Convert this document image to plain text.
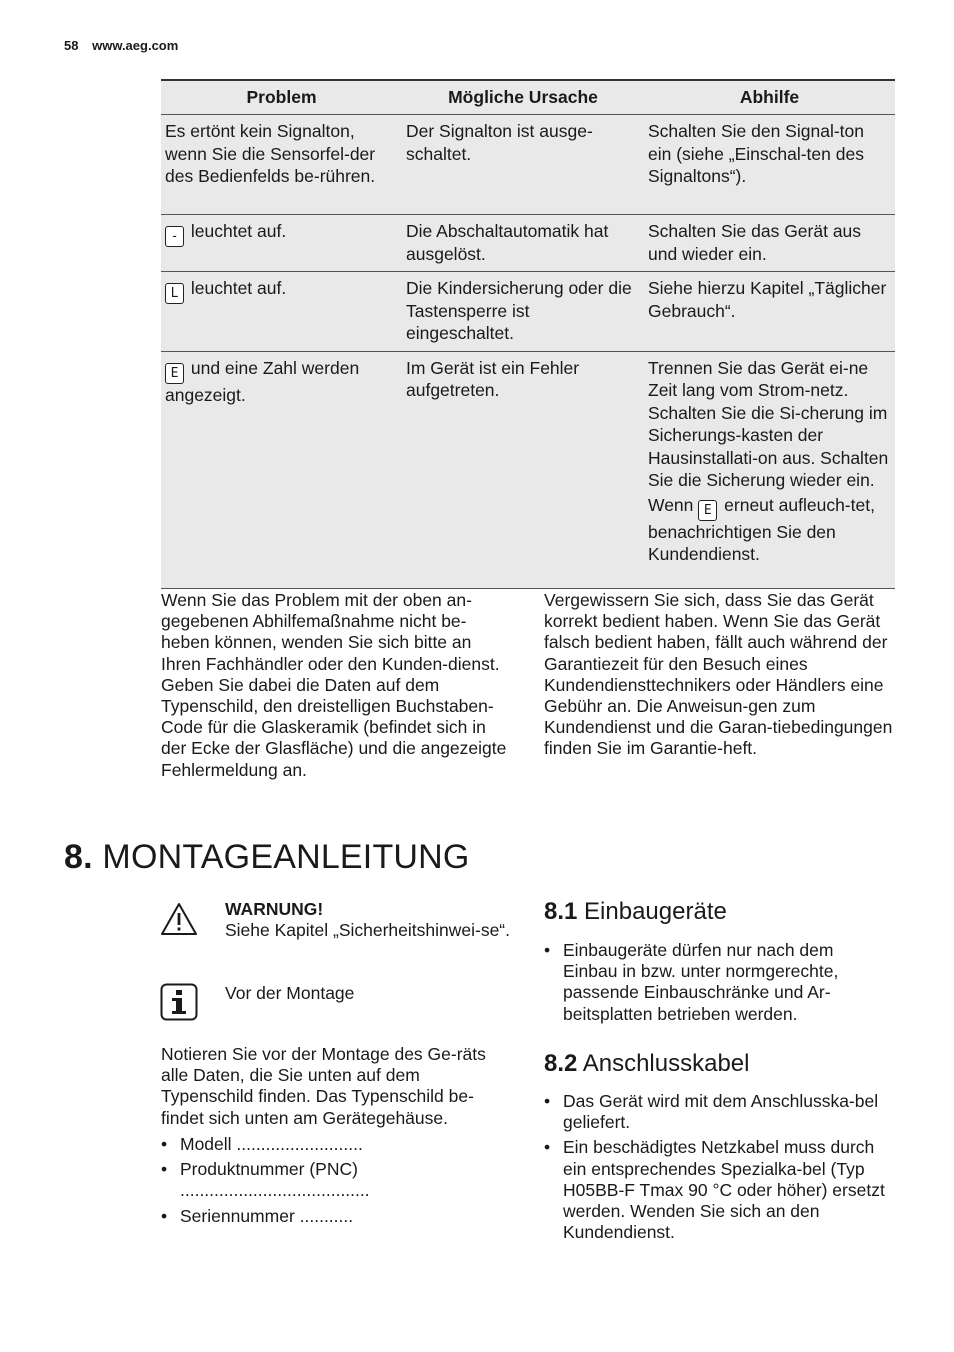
58 www.aeg.com
Problem	Mögliche Ursache	Abhilfe
Es ertönt kein Signalton, wenn Sie die Sensorfel-der des Bedienfelds be-rühren.	Der Signalton ist ausge-schaltet.	Schalten Sie den Signal-ton ein (siehe „Einschal-ten des Signaltons“).
- leuchtet auf.	Die Abschaltautomatik hat ausgelöst.	Schalten Sie das Gerät aus und wieder ein.
L leuchtet auf.	Die Kindersicherung oder die Tastensperre ist eingeschaltet.	Siehe hierzu Kapitel „Täglicher Gebrauch“.
E und eine Zahl werden angezeigt.	Im Gerät ist ein Fehler aufgetreten.	Trennen Sie das Gerät ei-ne Zeit lang vom Strom-netz. Schalten Sie die Si-cherung im Sicherungs-kasten der Hausinstallati-on aus. Schalten Sie die Sicherung wieder ein.
Wenn E erneut aufleuch-tet, benachrichtigen Sie den Kundendienst.
Wenn Sie das Problem mit der oben an-gegebenen Abhilfemaßnahme nicht be-heben können, wenden Sie sich bitte an Ihren Fachhändler oder den Kunden-dienst. Geben Sie dabei die Daten auf dem Typenschild, den dreistelligen Buchstaben-Code für die Glaskeramik (befindet sich in der Ecke der Glasfläche) und die angezeigte Fehlermeldung an.
Vergewissern Sie sich, dass Sie das Gerät korrekt bedient haben. Wenn Sie das Gerät falsch bedient haben, fällt auch während der Garantiezeit für den Besuch eines Kundendiensttechnikers oder Händlers eine Gebühr an. Die Anweisun-gen zum Kundendienst und die Garan-tiebedingungen finden Sie im Garantie-heft.
8. MONTAGEANLEITUNG
WARNUNG!
Siehe Kapitel „Sicherheitshinwei-se“.
Vor der Montage
Notieren Sie vor der Montage des Ge-räts alle Daten, die Sie unten auf dem Typenschild finden. Das Typenschild be-findet sich unten am Gerätegehäuse.
• Modell ..........................
• Produktnummer (PNC) .......................................
• Seriennummer ...........
8.1 Einbaugeräte
• Einbaugeräte dürfen nur nach dem Einbau in bzw. unter normgerechte, passende Einbauschränke und Ar-beitsplatten betrieben werden.
8.2 Anschlusskabel
• Das Gerät wird mit dem Anschlusska-bel geliefert.
• Ein beschädigtes Netzkabel muss durch ein entsprechendes Spezialka-bel (Typ H05BB-F Tmax 90 °C oder höher) ersetzt werden. Wenden Sie sich an den Kundendienst.
